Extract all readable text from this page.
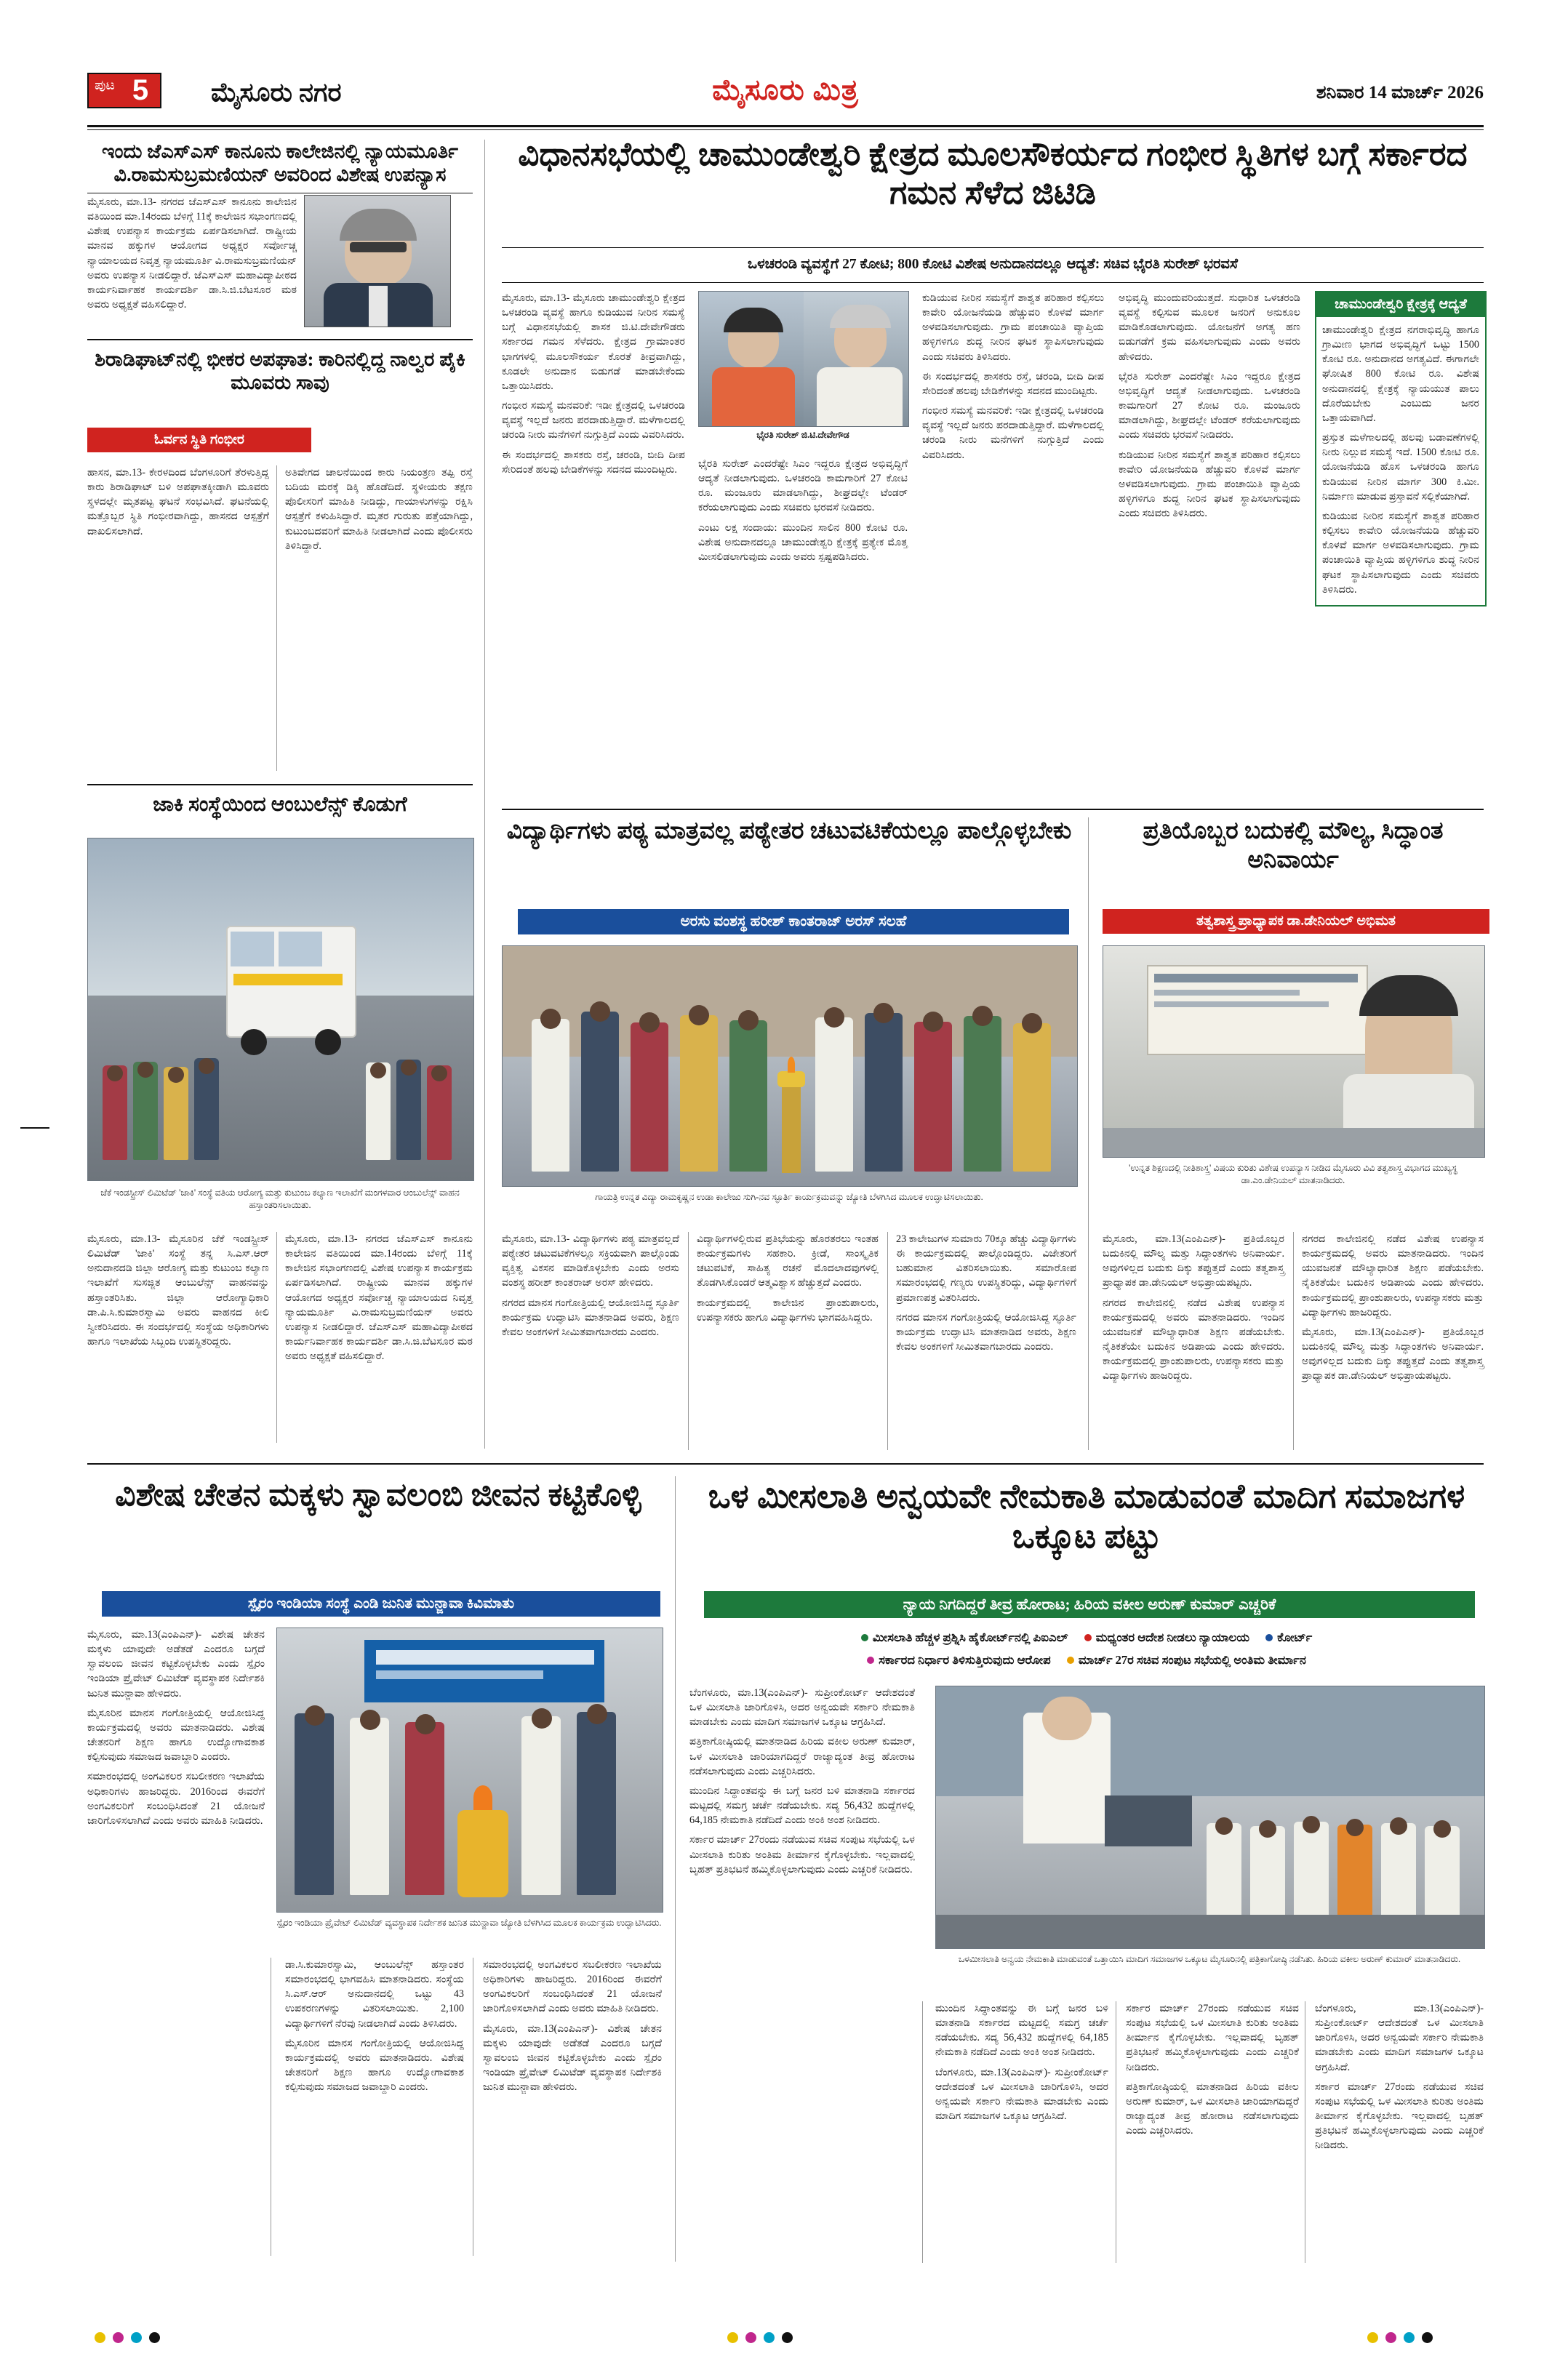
ಪುಟ 5	ಮೈಸೂರು ನಗರ	ಮೈಸೂರು ಮಿತ್ರ	ಶನಿವಾರ 14 ಮಾರ್ಚ್ 2026
ಇಂದು ಜೆಎಸ್‌ಎಸ್ ಕಾನೂನು ಕಾಲೇಜಿನಲ್ಲಿ ನ್ಯಾಯಮೂರ್ತಿ ವಿ.ರಾಮಸುಬ್ರಮಣಿಯನ್ ಅವರಿಂದ ವಿಶೇಷ ಉಪನ್ಯಾಸ

ಮೈಸೂರು, ಮಾ.13- ನಗರದ ಜೆಎಸ್‌ಎಸ್ ಕಾನೂನು ಕಾಲೇಜಿನ ವತಿಯಿಂದ ಮಾ.14ರಂದು ಬೆಳಿಗ್ಗೆ 11ಕ್ಕೆ ಕಾಲೇಜಿನ ಸಭಾಂಗಣದಲ್ಲಿ ವಿಶೇಷ ಉಪನ್ಯಾಸ ಕಾರ್ಯಕ್ರಮ ಏರ್ಪಡಿಸಲಾಗಿದೆ. ರಾಷ್ಟ್ರೀಯ ಮಾನವ ಹಕ್ಕುಗಳ ಆಯೋಗದ ಅಧ್ಯಕ್ಷರ ಸರ್ವೋಚ್ಚ ನ್ಯಾಯಾಲಯದ ನಿವೃತ್ತ ನ್ಯಾಯಮೂರ್ತಿ ವಿ.ರಾಮಸುಬ್ರಮಣಿಯನ್ ಅವರು ಉಪನ್ಯಾಸ ನೀಡಲಿದ್ದಾರೆ. ಜೆಎಸ್‌ಎಸ್ ಮಹಾವಿದ್ಯಾಪೀಠದ ಕಾರ್ಯನಿರ್ವಾಹಕ ಕಾರ್ಯದರ್ಶಿ ಡಾ.ಸಿ.ಜಿ.ಬೆಟಸೂರ ಮಠ ಅವರು ಅಧ್ಯಕ್ಷತೆ ವಹಿಸಲಿದ್ದಾರೆ.

ಶಿರಾಡಿಘಾಟ್‌ನಲ್ಲಿ ಭೀಕರ ಅಪಘಾತ: ಕಾರಿನಲ್ಲಿದ್ದ ನಾಲ್ವರ ಪೈಕಿ ಮೂವರು ಸಾವು
ಓರ್ವನ ಸ್ಥಿತಿ ಗಂಭೀರ

ಹಾಸನ, ಮಾ.13- ಕೇರಳದಿಂದ ಬೆಂಗಳೂರಿಗೆ ತೆರಳುತ್ತಿದ್ದ ಕಾರು ಶಿರಾಡಿಘಾಟ್ ಬಳಿ ಅಪಘಾತಕ್ಕೀಡಾಗಿ ಮೂವರು ಸ್ಥಳದಲ್ಲೇ ಮೃತಪಟ್ಟ ಘಟನೆ ಸಂಭವಿಸಿದೆ. ಘಟನೆಯಲ್ಲಿ ಮತ್ತೊಬ್ಬರ ಸ್ಥಿತಿ ಗಂಭೀರವಾಗಿದ್ದು, ಹಾಸನದ ಆಸ್ಪತ್ರೆಗೆ ದಾಖಲಿಸಲಾಗಿದೆ.

ಅತಿವೇಗದ ಚಾಲನೆಯಿಂದ ಕಾರು ನಿಯಂತ್ರಣ ತಪ್ಪಿ ರಸ್ತೆ ಬದಿಯ ಮರಕ್ಕೆ ಡಿಕ್ಕಿ ಹೊಡೆದಿದೆ. ಸ್ಥಳೀಯರು ತಕ್ಷಣ ಪೊಲೀಸರಿಗೆ ಮಾಹಿತಿ ನೀಡಿದ್ದು, ಗಾಯಾಳುಗಳನ್ನು ರಕ್ಷಿಸಿ ಆಸ್ಪತ್ರೆಗೆ ಕಳುಹಿಸಿದ್ದಾರೆ. ಮೃತರ ಗುರುತು ಪತ್ತೆಯಾಗಿದ್ದು, ಕುಟುಂಬದವರಿಗೆ ಮಾಹಿತಿ ನೀಡಲಾಗಿದೆ ಎಂದು ಪೊಲೀಸರು ತಿಳಿಸಿದ್ದಾರೆ.

ಜಾಕಿ ಸಂಸ್ಥೆಯಿಂದ ಆಂಬುಲೆನ್ಸ್ ಕೊಡುಗೆ
ಜೆಕೆ ಇಂಡಸ್ಟ್ರೀಸ್ ಲಿಮಿಟೆಡ್ 'ಜಾಕಿ' ಸಂಸ್ಥೆ ವತಿಯ ಆರೋಗ್ಯ ಮತ್ತು ಕುಟುಂಬ ಕಲ್ಯಾಣ ಇಲಾಖೆಗೆ ಮಂಗಳವಾರ ಆಂಬುಲೆನ್ಸ್ ವಾಹನ ಹಸ್ತಾಂತರಿಸಲಾಯಿತು.

ಮೈಸೂರು, ಮಾ.13- ಮೈಸೂರಿನ ಜೆಕೆ ಇಂಡಸ್ಟ್ರೀಸ್ ಲಿಮಿಟೆಡ್ 'ಜಾಕಿ' ಸಂಸ್ಥೆ ತನ್ನ ಸಿ.ಎಸ್.ಆರ್ ಅನುದಾನದಡಿ ಜಿಲ್ಲಾ ಆರೋಗ್ಯ ಮತ್ತು ಕುಟುಂಬ ಕಲ್ಯಾಣ ಇಲಾಖೆಗೆ ಸುಸಜ್ಜಿತ ಆಂಬುಲೆನ್ಸ್ ವಾಹನವನ್ನು ಹಸ್ತಾಂತರಿಸಿತು. ಜಿಲ್ಲಾ ಆರೋಗ್ಯಾಧಿಕಾರಿ ಡಾ.ಪಿ.ಸಿ.ಕುಮಾರಸ್ವಾಮಿ ಅವರು ವಾಹನದ ಕೀಲಿ ಸ್ವೀಕರಿಸಿದರು. ಈ ಸಂದರ್ಭದಲ್ಲಿ ಸಂಸ್ಥೆಯ ಅಧಿಕಾರಿಗಳು ಹಾಗೂ ಇಲಾಖೆಯ ಸಿಬ್ಬಂದಿ ಉಪಸ್ಥಿತರಿದ್ದರು.

ಮೈಸೂರು, ಮಾ.13- ನಗರದ ಜೆಎಸ್‌ಎಸ್ ಕಾನೂನು ಕಾಲೇಜಿನ ವತಿಯಿಂದ ಮಾ.14ರಂದು ಬೆಳಿಗ್ಗೆ 11ಕ್ಕೆ ಕಾಲೇಜಿನ ಸಭಾಂಗಣದಲ್ಲಿ ವಿಶೇಷ ಉಪನ್ಯಾಸ ಕಾರ್ಯಕ್ರಮ ಏರ್ಪಡಿಸಲಾಗಿದೆ. ರಾಷ್ಟ್ರೀಯ ಮಾನವ ಹಕ್ಕುಗಳ ಆಯೋಗದ ಅಧ್ಯಕ್ಷರ ಸರ್ವೋಚ್ಚ ನ್ಯಾಯಾಲಯದ ನಿವೃತ್ತ ನ್ಯಾಯಮೂರ್ತಿ ವಿ.ರಾಮಸುಬ್ರಮಣಿಯನ್ ಅವರು ಉಪನ್ಯಾಸ ನೀಡಲಿದ್ದಾರೆ. ಜೆಎಸ್‌ಎಸ್ ಮಹಾವಿದ್ಯಾಪೀಠದ ಕಾರ್ಯನಿರ್ವಾಹಕ ಕಾರ್ಯದರ್ಶಿ ಡಾ.ಸಿ.ಜಿ.ಬೆಟಸೂರ ಮಠ ಅವರು ಅಧ್ಯಕ್ಷತೆ ವಹಿಸಲಿದ್ದಾರೆ.

ವಿಧಾನಸಭೆಯಲ್ಲಿ ಚಾಮುಂಡೇಶ್ವರಿ ಕ್ಷೇತ್ರದ ಮೂಲಸೌಕರ್ಯದ ಗಂಭೀರ ಸ್ಥಿತಿಗಳ ಬಗ್ಗೆ ಸರ್ಕಾರದ ಗಮನ ಸೆಳೆದ ಜಿಟಿಡಿ
ಒಳಚರಂಡಿ ವ್ಯವಸ್ಥೆಗೆ 27 ಕೋಟಿ; 800 ಕೋಟಿ ವಿಶೇಷ ಅನುದಾನದಲ್ಲೂ ಆದ್ಯತೆ: ಸಚಿವ ಭೈರತಿ ಸುರೇಶ್ ಭರವಸೆ
ಭೈರತಿ ಸುರೇಶ್ ಜಿ.ಟಿ.ದೇವೇಗೌಡ

ಮೈಸೂರು, ಮಾ.13- ಮೈಸೂರು ಚಾಮುಂಡೇಶ್ವರಿ ಕ್ಷೇತ್ರದ ಒಳಚರಂಡಿ ವ್ಯವಸ್ಥೆ ಹಾಗೂ ಕುಡಿಯುವ ನೀರಿನ ಸಮಸ್ಯೆ ಬಗ್ಗೆ ವಿಧಾನಸಭೆಯಲ್ಲಿ ಶಾಸಕ ಜಿ.ಟಿ.ದೇವೇಗೌಡರು ಸರ್ಕಾರದ ಗಮನ ಸೆಳೆದರು. ಕ್ಷೇತ್ರದ ಗ್ರಾಮಾಂತರ ಭಾಗಗಳಲ್ಲಿ ಮೂಲಸೌಕರ್ಯ ಕೊರತೆ ತೀವ್ರವಾಗಿದ್ದು, ಕೂಡಲೇ ಅನುದಾನ ಬಿಡುಗಡೆ ಮಾಡಬೇಕೆಂದು ಒತ್ತಾಯಿಸಿದರು.

ಗಂಭೀರ ಸಮಸ್ಯೆ ಮನವರಿಕೆ: ಇಡೀ ಕ್ಷೇತ್ರದಲ್ಲಿ ಒಳಚರಂಡಿ ವ್ಯವಸ್ಥೆ ಇಲ್ಲದೆ ಜನರು ಪರದಾಡುತ್ತಿದ್ದಾರೆ. ಮಳೆಗಾಲದಲ್ಲಿ ಚರಂಡಿ ನೀರು ಮನೆಗಳಿಗೆ ನುಗ್ಗುತ್ತಿದೆ ಎಂದು ವಿವರಿಸಿದರು.

ಈ ಸಂದರ್ಭದಲ್ಲಿ ಶಾಸಕರು ರಸ್ತೆ, ಚರಂಡಿ, ಬೀದಿ ದೀಪ ಸೇರಿದಂತೆ ಹಲವು ಬೇಡಿಕೆಗಳನ್ನು ಸದನದ ಮುಂದಿಟ್ಟರು.	ಭೈರತಿ ಸುರೇಶ್ ಎಂದರೆಷ್ಟೇ ಸಿಎಂ ಇದ್ದರೂ ಕ್ಷೇತ್ರದ ಅಭಿವೃದ್ಧಿಗೆ ಆದ್ಯತೆ ನೀಡಲಾಗುವುದು. ಒಳಚರಂಡಿ ಕಾಮಗಾರಿಗೆ 27 ಕೋಟಿ ರೂ. ಮಂಜೂರು ಮಾಡಲಾಗಿದ್ದು, ಶೀಘ್ರದಲ್ಲೇ ಟೆಂಡರ್ ಕರೆಯಲಾಗುವುದು ಎಂದು ಸಚಿವರು ಭರವಸೆ ನೀಡಿದರು.

ಎಂಟು ಲಕ್ಷ ಸಂದಾಯ: ಮುಂದಿನ ಸಾಲಿನ 800 ಕೋಟಿ ರೂ. ವಿಶೇಷ ಅನುದಾನದಲ್ಲೂ ಚಾಮುಂಡೇಶ್ವರಿ ಕ್ಷೇತ್ರಕ್ಕೆ ಪ್ರತ್ಯೇಕ ಮೊತ್ತ ಮೀಸಲಿಡಲಾಗುವುದು ಎಂದು ಅವರು ಸ್ಪಷ್ಟಪಡಿಸಿದರು.

ಕುಡಿಯುವ ನೀರಿನ ಸಮಸ್ಯೆಗೆ ಶಾಶ್ವತ ಪರಿಹಾರ ಕಲ್ಪಿಸಲು ಕಾವೇರಿ ಯೋಜನೆಯಡಿ ಹೆಚ್ಚುವರಿ ಕೊಳವೆ ಮಾರ್ಗ ಅಳವಡಿಸಲಾಗುವುದು. ಗ್ರಾಮ ಪಂಚಾಯಿತಿ ವ್ಯಾಪ್ತಿಯ ಹಳ್ಳಿಗಳಿಗೂ ಶುದ್ಧ ನೀರಿನ ಘಟಕ ಸ್ಥಾಪಿಸಲಾಗುವುದು ಎಂದು ಸಚಿವರು ತಿಳಿಸಿದರು.

ಈ ಸಂದರ್ಭದಲ್ಲಿ ಶಾಸಕರು ರಸ್ತೆ, ಚರಂಡಿ, ಬೀದಿ ದೀಪ ಸೇರಿದಂತೆ ಹಲವು ಬೇಡಿಕೆಗಳನ್ನು ಸದನದ ಮುಂದಿಟ್ಟರು.

ಗಂಭೀರ ಸಮಸ್ಯೆ ಮನವರಿಕೆ: ಇಡೀ ಕ್ಷೇತ್ರದಲ್ಲಿ ಒಳಚರಂಡಿ ವ್ಯವಸ್ಥೆ ಇಲ್ಲದೆ ಜನರು ಪರದಾಡುತ್ತಿದ್ದಾರೆ. ಮಳೆಗಾಲದಲ್ಲಿ ಚರಂಡಿ ನೀರು ಮನೆಗಳಿಗೆ ನುಗ್ಗುತ್ತಿದೆ ಎಂದು ವಿವರಿಸಿದರು.

ಅಭಿವೃದ್ಧಿ ಮುಂದುವರಿಯುತ್ತದೆ. ಸುಧಾರಿತ ಒಳಚರಂಡಿ ವ್ಯವಸ್ಥೆ ಕಲ್ಪಿಸುವ ಮೂಲಕ ಜನರಿಗೆ ಅನುಕೂಲ ಮಾಡಿಕೊಡಲಾಗುವುದು. ಯೋಜನೆಗೆ ಅಗತ್ಯ ಹಣ ಬಿಡುಗಡೆಗೆ ಕ್ರಮ ವಹಿಸಲಾಗುವುದು ಎಂದು ಅವರು ಹೇಳಿದರು.

ಭೈರತಿ ಸುರೇಶ್ ಎಂದರೆಷ್ಟೇ ಸಿಎಂ ಇದ್ದರೂ ಕ್ಷೇತ್ರದ ಅಭಿವೃದ್ಧಿಗೆ ಆದ್ಯತೆ ನೀಡಲಾಗುವುದು. ಒಳಚರಂಡಿ ಕಾಮಗಾರಿಗೆ 27 ಕೋಟಿ ರೂ. ಮಂಜೂರು ಮಾಡಲಾಗಿದ್ದು, ಶೀಘ್ರದಲ್ಲೇ ಟೆಂಡರ್ ಕರೆಯಲಾಗುವುದು ಎಂದು ಸಚಿವರು ಭರವಸೆ ನೀಡಿದರು.

ಕುಡಿಯುವ ನೀರಿನ ಸಮಸ್ಯೆಗೆ ಶಾಶ್ವತ ಪರಿಹಾರ ಕಲ್ಪಿಸಲು ಕಾವೇರಿ ಯೋಜನೆಯಡಿ ಹೆಚ್ಚುವರಿ ಕೊಳವೆ ಮಾರ್ಗ ಅಳವಡಿಸಲಾಗುವುದು. ಗ್ರಾಮ ಪಂಚಾಯಿತಿ ವ್ಯಾಪ್ತಿಯ ಹಳ್ಳಿಗಳಿಗೂ ಶುದ್ಧ ನೀರಿನ ಘಟಕ ಸ್ಥಾಪಿಸಲಾಗುವುದು ಎಂದು ಸಚಿವರು ತಿಳಿಸಿದರು.

ಚಾಮುಂಡೇಶ್ವರಿ ಕ್ಷೇತ್ರಕ್ಕೆ ಆದ್ಯತೆ

ಚಾಮುಂಡೇಶ್ವರಿ ಕ್ಷೇತ್ರದ ನಗರಾಭಿವೃದ್ಧಿ ಹಾಗೂ ಗ್ರಾಮೀಣ ಭಾಗದ ಅಭಿವೃದ್ಧಿಗೆ ಒಟ್ಟು 1500 ಕೋಟಿ ರೂ. ಅನುದಾನದ ಅಗತ್ಯವಿದೆ. ಈಗಾಗಲೇ ಘೋಷಿತ 800 ಕೋಟಿ ರೂ. ವಿಶೇಷ ಅನುದಾನದಲ್ಲಿ ಕ್ಷೇತ್ರಕ್ಕೆ ನ್ಯಾಯಯುತ ಪಾಲು ದೊರೆಯಬೇಕು ಎಂಬುದು ಜನರ ಒತ್ತಾಯವಾಗಿದೆ.

ಪ್ರಸ್ತುತ ಮಳೆಗಾಲದಲ್ಲಿ ಹಲವು ಬಡಾವಣೆಗಳಲ್ಲಿ ನೀರು ನಿಲ್ಲುವ ಸಮಸ್ಯೆ ಇದೆ. 1500 ಕೋಟಿ ರೂ. ಯೋಜನೆಯಡಿ ಹೊಸ ಒಳಚರಂಡಿ ಹಾಗೂ ಕುಡಿಯುವ ನೀರಿನ ಮಾರ್ಗ 300 ಕಿ.ಮೀ. ನಿರ್ಮಾಣ ಮಾಡುವ ಪ್ರಸ್ತಾವನೆ ಸಲ್ಲಿಕೆಯಾಗಿದೆ.

ಕುಡಿಯುವ ನೀರಿನ ಸಮಸ್ಯೆಗೆ ಶಾಶ್ವತ ಪರಿಹಾರ ಕಲ್ಪಿಸಲು ಕಾವೇರಿ ಯೋಜನೆಯಡಿ ಹೆಚ್ಚುವರಿ ಕೊಳವೆ ಮಾರ್ಗ ಅಳವಡಿಸಲಾಗುವುದು. ಗ್ರಾಮ ಪಂಚಾಯಿತಿ ವ್ಯಾಪ್ತಿಯ ಹಳ್ಳಿಗಳಿಗೂ ಶುದ್ಧ ನೀರಿನ ಘಟಕ ಸ್ಥಾಪಿಸಲಾಗುವುದು ಎಂದು ಸಚಿವರು ತಿಳಿಸಿದರು.

ವಿದ್ಯಾರ್ಥಿಗಳು ಪಠ್ಯ ಮಾತ್ರವಲ್ಲ ಪಠ್ಯೇತರ ಚಟುವಟಿಕೆಯಲ್ಲೂ ಪಾಲ್ಗೊಳ್ಳಬೇಕು
ಅರಸು ವಂಶಸ್ಥ ಹರೀಶ್ ಕಾಂತರಾಜ್ ಅರಸ್ ಸಲಹೆ
ಗಾಯತ್ರಿ ಉನ್ನತ ವಿದ್ಯಾ ರಾಮಕೃಷ್ಣನ ಉಡಾ ಕಾಲೇಜು ಸುಗಿ-ನವ ಸ್ಫೂರ್ತಿ ಕಾರ್ಯಕ್ರಮವನ್ನು ಜ್ಯೋತಿ ಬೆಳಗಿಸಿದ ಮೂಲಕ ಉದ್ಘಾಟಿಸಲಾಯಿತು.

ಮೈಸೂರು, ಮಾ.13- ವಿದ್ಯಾರ್ಥಿಗಳು ಪಠ್ಯ ಮಾತ್ರವಲ್ಲದೆ ಪಠ್ಯೇತರ ಚಟುವಟಿಕೆಗಳಲ್ಲೂ ಸಕ್ರಿಯವಾಗಿ ಪಾಲ್ಗೊಂಡು ವ್ಯಕ್ತಿತ್ವ ವಿಕಸನ ಮಾಡಿಕೊಳ್ಳಬೇಕು ಎಂದು ಅರಸು ವಂಶಸ್ಥ ಹರೀಶ್ ಕಾಂತರಾಜ್ ಅರಸ್ ಹೇಳಿದರು.

ನಗರದ ಮಾನಸ ಗಂಗೋತ್ರಿಯಲ್ಲಿ ಆಯೋಜಿಸಿದ್ದ ಸ್ಫೂರ್ತಿ ಕಾರ್ಯಕ್ರಮ ಉದ್ಘಾಟಿಸಿ ಮಾತನಾಡಿದ ಅವರು, ಶಿಕ್ಷಣ ಕೇವಲ ಅಂಕಗಳಿಗೆ ಸೀಮಿತವಾಗಬಾರದು ಎಂದರು.

ವಿದ್ಯಾರ್ಥಿಗಳಲ್ಲಿರುವ ಪ್ರತಿಭೆಯನ್ನು ಹೊರತರಲು ಇಂತಹ ಕಾರ್ಯಕ್ರಮಗಳು ಸಹಕಾರಿ. ಕ್ರೀಡೆ, ಸಾಂಸ್ಕೃತಿಕ ಚಟುವಟಿಕೆ, ಸಾಹಿತ್ಯ ರಚನೆ ಮೊದಲಾದವುಗಳಲ್ಲಿ ತೊಡಗಿಸಿಕೊಂಡರೆ ಆತ್ಮವಿಶ್ವಾಸ ಹೆಚ್ಚುತ್ತದೆ ಎಂದರು.

ಕಾರ್ಯಕ್ರಮದಲ್ಲಿ ಕಾಲೇಜಿನ ಪ್ರಾಂಶುಪಾಲರು, ಉಪನ್ಯಾಸಕರು ಹಾಗೂ ವಿದ್ಯಾರ್ಥಿಗಳು ಭಾಗವಹಿಸಿದ್ದರು.

23 ಕಾಲೇಜುಗಳ ಸುಮಾರು 70ಕ್ಕೂ ಹೆಚ್ಚು ವಿದ್ಯಾರ್ಥಿಗಳು ಈ ಕಾರ್ಯಕ್ರಮದಲ್ಲಿ ಪಾಲ್ಗೊಂಡಿದ್ದರು. ವಿಜೇತರಿಗೆ ಬಹುಮಾನ ವಿತರಿಸಲಾಯಿತು. ಸಮಾರೋಪ ಸಮಾರಂಭದಲ್ಲಿ ಗಣ್ಯರು ಉಪಸ್ಥಿತರಿದ್ದು, ವಿದ್ಯಾರ್ಥಿಗಳಿಗೆ ಪ್ರಮಾಣಪತ್ರ ವಿತರಿಸಿದರು.

ನಗರದ ಮಾನಸ ಗಂಗೋತ್ರಿಯಲ್ಲಿ ಆಯೋಜಿಸಿದ್ದ ಸ್ಫೂರ್ತಿ ಕಾರ್ಯಕ್ರಮ ಉದ್ಘಾಟಿಸಿ ಮಾತನಾಡಿದ ಅವರು, ಶಿಕ್ಷಣ ಕೇವಲ ಅಂಕಗಳಿಗೆ ಸೀಮಿತವಾಗಬಾರದು ಎಂದರು.

ಪ್ರತಿಯೊಬ್ಬರ ಬದುಕಲ್ಲಿ ಮೌಲ್ಯ, ಸಿದ್ಧಾಂತ ಅನಿವಾರ್ಯ
ತತ್ವಶಾಸ್ತ್ರ ಪ್ರಾಧ್ಯಾಪಕ ಡಾ.ಡೇನಿಯಲ್ ಅಭಿಮತ
'ಉನ್ನತ ಶಿಕ್ಷಣದಲ್ಲಿ ನೀತಿಶಾಸ್ತ್ರ' ವಿಷಯ ಕುರಿತು ವಿಶೇಷ ಉಪನ್ಯಾಸ ನೀಡಿದ ಮೈಸೂರು ವಿವಿ ತತ್ವಶಾಸ್ತ್ರ ವಿಭಾಗದ ಮುಖ್ಯಸ್ಥ ಡಾ.ಎಂ.ಡೇನಿಯಲ್ ಮಾತನಾಡಿದರು.

ಮೈಸೂರು, ಮಾ.13(ಎಂಪಿಎನ್)- ಪ್ರತಿಯೊಬ್ಬರ ಬದುಕಿನಲ್ಲಿ ಮೌಲ್ಯ ಮತ್ತು ಸಿದ್ಧಾಂತಗಳು ಅನಿವಾರ್ಯ. ಅವುಗಳಿಲ್ಲದ ಬದುಕು ದಿಕ್ಕು ತಪ್ಪುತ್ತದೆ ಎಂದು ತತ್ವಶಾಸ್ತ್ರ ಪ್ರಾಧ್ಯಾಪಕ ಡಾ.ಡೇನಿಯಲ್ ಅಭಿಪ್ರಾಯಪಟ್ಟರು.

ನಗರದ ಕಾಲೇಜಿನಲ್ಲಿ ನಡೆದ ವಿಶೇಷ ಉಪನ್ಯಾಸ ಕಾರ್ಯಕ್ರಮದಲ್ಲಿ ಅವರು ಮಾತನಾಡಿದರು. ಇಂದಿನ ಯುವಜನತೆ ಮೌಲ್ಯಾಧಾರಿತ ಶಿಕ್ಷಣ ಪಡೆಯಬೇಕು. ನೈತಿಕತೆಯೇ ಬದುಕಿನ ಅಡಿಪಾಯ ಎಂದು ಹೇಳಿದರು. ಕಾರ್ಯಕ್ರಮದಲ್ಲಿ ಪ್ರಾಂಶುಪಾಲರು, ಉಪನ್ಯಾಸಕರು ಮತ್ತು ವಿದ್ಯಾರ್ಥಿಗಳು ಹಾಜರಿದ್ದರು.

ನಗರದ ಕಾಲೇಜಿನಲ್ಲಿ ನಡೆದ ವಿಶೇಷ ಉಪನ್ಯಾಸ ಕಾರ್ಯಕ್ರಮದಲ್ಲಿ ಅವರು ಮಾತನಾಡಿದರು. ಇಂದಿನ ಯುವಜನತೆ ಮೌಲ್ಯಾಧಾರಿತ ಶಿಕ್ಷಣ ಪಡೆಯಬೇಕು. ನೈತಿಕತೆಯೇ ಬದುಕಿನ ಅಡಿಪಾಯ ಎಂದು ಹೇಳಿದರು. ಕಾರ್ಯಕ್ರಮದಲ್ಲಿ ಪ್ರಾಂಶುಪಾಲರು, ಉಪನ್ಯಾಸಕರು ಮತ್ತು ವಿದ್ಯಾರ್ಥಿಗಳು ಹಾಜರಿದ್ದರು.

ಮೈಸೂರು, ಮಾ.13(ಎಂಪಿಎನ್)- ಪ್ರತಿಯೊಬ್ಬರ ಬದುಕಿನಲ್ಲಿ ಮೌಲ್ಯ ಮತ್ತು ಸಿದ್ಧಾಂತಗಳು ಅನಿವಾರ್ಯ. ಅವುಗಳಿಲ್ಲದ ಬದುಕು ದಿಕ್ಕು ತಪ್ಪುತ್ತದೆ ಎಂದು ತತ್ವಶಾಸ್ತ್ರ ಪ್ರಾಧ್ಯಾಪಕ ಡಾ.ಡೇನಿಯಲ್ ಅಭಿಪ್ರಾಯಪಟ್ಟರು.

ವಿಶೇಷ ಚೇತನ ಮಕ್ಕಳು ಸ್ವಾವಲಂಬಿ ಜೀವನ ಕಟ್ಟಿಕೊಳ್ಳಿ
ಸ್ಪೈರಂ ಇಂಡಿಯಾ ಸಂಸ್ಥೆ ಎಂಡಿ ಜುನಿತ ಮುನ್ಜಾವಾ ಕಿವಿಮಾತು
ಸ್ಪೈರಂ ಇಂಡಿಯಾ ಪ್ರೈವೇಟ್ ಲಿಮಿಟೆಡ್ ವ್ಯವಸ್ಥಾಪಕ ನಿರ್ದೇಶಕ ಜುನಿತ ಮುನ್ಜಾವಾ ಜ್ಯೋತಿ ಬೆಳಗಿಸಿದ ಮೂಲಕ ಕಾರ್ಯಕ್ರಮ ಉದ್ಘಾಟಿಸಿದರು.

ಮೈಸೂರು, ಮಾ.13(ಎಂಪಿಎನ್)- ವಿಶೇಷ ಚೇತನ ಮಕ್ಕಳು ಯಾವುದೇ ಅಡೆತಡೆ ಎಂದರೂ ಬಗ್ಗದೆ ಸ್ವಾವಲಂಬಿ ಜೀವನ ಕಟ್ಟಿಕೊಳ್ಳಬೇಕು ಎಂದು ಸ್ಪೈರಂ ಇಂಡಿಯಾ ಪ್ರೈವೇಟ್ ಲಿಮಿಟೆಡ್ ವ್ಯವಸ್ಥಾಪಕ ನಿರ್ದೇಶಕಿ ಜುನಿತ ಮುನ್ಜಾವಾ ಹೇಳಿದರು.

ಮೈಸೂರಿನ ಮಾನಸ ಗಂಗೋತ್ರಿಯಲ್ಲಿ ಆಯೋಜಿಸಿದ್ದ ಕಾರ್ಯಕ್ರಮದಲ್ಲಿ ಅವರು ಮಾತನಾಡಿದರು. ವಿಶೇಷ ಚೇತನರಿಗೆ ಶಿಕ್ಷಣ ಹಾಗೂ ಉದ್ಯೋಗಾವಕಾಶ ಕಲ್ಪಿಸುವುದು ಸಮಾಜದ ಜವಾಬ್ದಾರಿ ಎಂದರು.

ಸಮಾರಂಭದಲ್ಲಿ ಅಂಗವಿಕಲರ ಸಬಲೀಕರಣ ಇಲಾಖೆಯ ಅಧಿಕಾರಿಗಳು ಹಾಜರಿದ್ದರು. 2016ರಿಂದ ಈವರೆಗೆ ಅಂಗವಿಕಲರಿಗೆ ಸಂಬಂಧಿಸಿದಂತೆ 21 ಯೋಜನೆ ಜಾರಿಗೊಳಿಸಲಾಗಿದೆ ಎಂದು ಅವರು ಮಾಹಿತಿ ನೀಡಿದರು.

ಡಾ.ಸಿ.ಕುಮಾರಸ್ವಾಮಿ, ಆಂಬುಲೆನ್ಸ್ ಹಸ್ತಾಂತರ ಸಮಾರಂಭದಲ್ಲಿ ಭಾಗವಹಿಸಿ ಮಾತನಾಡಿದರು. ಸಂಸ್ಥೆಯ ಸಿ.ಎಸ್.ಆರ್ ಅನುದಾನದಲ್ಲಿ ಒಟ್ಟು 43 ಉಪಕರಣಗಳನ್ನು ವಿತರಿಸಲಾಯಿತು. 2,100 ವಿದ್ಯಾರ್ಥಿಗಳಿಗೆ ನೆರವು ನೀಡಲಾಗಿದೆ ಎಂದು ತಿಳಿಸಿದರು.

ಮೈಸೂರಿನ ಮಾನಸ ಗಂಗೋತ್ರಿಯಲ್ಲಿ ಆಯೋಜಿಸಿದ್ದ ಕಾರ್ಯಕ್ರಮದಲ್ಲಿ ಅವರು ಮಾತನಾಡಿದರು. ವಿಶೇಷ ಚೇತನರಿಗೆ ಶಿಕ್ಷಣ ಹಾಗೂ ಉದ್ಯೋಗಾವಕಾಶ ಕಲ್ಪಿಸುವುದು ಸಮಾಜದ ಜವಾಬ್ದಾರಿ ಎಂದರು.

ಸಮಾರಂಭದಲ್ಲಿ ಅಂಗವಿಕಲರ ಸಬಲೀಕರಣ ಇಲಾಖೆಯ ಅಧಿಕಾರಿಗಳು ಹಾಜರಿದ್ದರು. 2016ರಿಂದ ಈವರೆಗೆ ಅಂಗವಿಕಲರಿಗೆ ಸಂಬಂಧಿಸಿದಂತೆ 21 ಯೋಜನೆ ಜಾರಿಗೊಳಿಸಲಾಗಿದೆ ಎಂದು ಅವರು ಮಾಹಿತಿ ನೀಡಿದರು.

ಮೈಸೂರು, ಮಾ.13(ಎಂಪಿಎನ್)- ವಿಶೇಷ ಚೇತನ ಮಕ್ಕಳು ಯಾವುದೇ ಅಡೆತಡೆ ಎಂದರೂ ಬಗ್ಗದೆ ಸ್ವಾವಲಂಬಿ ಜೀವನ ಕಟ್ಟಿಕೊಳ್ಳಬೇಕು ಎಂದು ಸ್ಪೈರಂ ಇಂಡಿಯಾ ಪ್ರೈವೇಟ್ ಲಿಮಿಟೆಡ್ ವ್ಯವಸ್ಥಾಪಕ ನಿರ್ದೇಶಕಿ ಜುನಿತ ಮುನ್ಜಾವಾ ಹೇಳಿದರು.

ಒಳ ಮೀಸಲಾತಿ ಅನ್ವಯವೇ ನೇಮಕಾತಿ ಮಾಡುವಂತೆ ಮಾದಿಗ ಸಮಾಜಗಳ ಒಕ್ಕೂಟ ಪಟ್ಟು
ನ್ಯಾಯ ನಿಗದಿದ್ದರೆ ತೀವ್ರ ಹೋರಾಟ; ಹಿರಿಯ ವಕೀಲ ಅರುಣ್ ಕುಮಾರ್ ಎಚ್ಚರಿಕೆ
ಮೀಸಲಾತಿ ಹೆಚ್ಚಳ ಪ್ರಶ್ನಿಸಿ ಹೈಕೋರ್ಟ್‌ನಲ್ಲಿ ಪಿಐಎಲ್ ಮಧ್ಯಂತರ ಆದೇಶ ನೀಡಲು ನ್ಯಾಯಾಲಯ ಕೋರ್ಟ್
ಸರ್ಕಾರದ ನಿರ್ಧಾರ ತಿಳಿಸುತ್ತಿರುವುದು ಆರೋಪ ಮಾರ್ಚ್ 27ರ ಸಚಿವ ಸಂಪುಟ ಸಭೆಯಲ್ಲಿ ಅಂತಿಮ ತೀರ್ಮಾನ
ಒಳಮೀಸಲಾತಿ ಅನ್ವಯ ನೇಮಕಾತಿ ಮಾಡುವಂತೆ ಒತ್ತಾಯಿಸಿ ಮಾದಿಗ ಸಮಾಜಗಳ ಒಕ್ಕೂಟ ಮೈಸೂರಿನಲ್ಲಿ ಪತ್ರಿಕಾಗೋಷ್ಠಿ ನಡೆಸಿತು. ಹಿರಿಯ ವಕೀಲ ಅರುಣ್ ಕುಮಾರ್ ಮಾತನಾಡಿದರು.

ಬೆಂಗಳೂರು, ಮಾ.13(ಎಂಪಿಎನ್)- ಸುಪ್ರೀಂಕೋರ್ಟ್ ಆದೇಶದಂತೆ ಒಳ ಮೀಸಲಾತಿ ಜಾರಿಗೊಳಿಸಿ, ಅದರ ಅನ್ವಯವೇ ಸರ್ಕಾರಿ ನೇಮಕಾತಿ ಮಾಡಬೇಕು ಎಂದು ಮಾದಿಗ ಸಮಾಜಗಳ ಒಕ್ಕೂಟ ಆಗ್ರಹಿಸಿದೆ.

ಪತ್ರಿಕಾಗೋಷ್ಠಿಯಲ್ಲಿ ಮಾತನಾಡಿದ ಹಿರಿಯ ವಕೀಲ ಅರುಣ್ ಕುಮಾರ್, ಒಳ ಮೀಸಲಾತಿ ಜಾರಿಯಾಗದಿದ್ದರೆ ರಾಜ್ಯಾದ್ಯಂತ ತೀವ್ರ ಹೋರಾಟ ನಡೆಸಲಾಗುವುದು ಎಂದು ಎಚ್ಚರಿಸಿದರು.

ಮುಂದಿನ ಸಿದ್ಧಾಂತವನ್ನು ಈ ಬಗ್ಗೆ ಜನರ ಬಳಿ ಮಾತನಾಡಿ ಸರ್ಕಾರದ ಮಟ್ಟದಲ್ಲಿ ಸಮಗ್ರ ಚರ್ಚೆ ನಡೆಯಬೇಕು. ಸದ್ಯ 56,432 ಹುದ್ದೆಗಳಲ್ಲಿ 64,185 ನೇಮಕಾತಿ ನಡೆದಿದೆ ಎಂದು ಅಂಕಿ ಅಂಶ ನೀಡಿದರು.

ಸರ್ಕಾರ ಮಾರ್ಚ್ 27ರಂದು ನಡೆಯುವ ಸಚಿವ ಸಂಪುಟ ಸಭೆಯಲ್ಲಿ ಒಳ ಮೀಸಲಾತಿ ಕುರಿತು ಅಂತಿಮ ತೀರ್ಮಾನ ಕೈಗೊಳ್ಳಬೇಕು. ಇಲ್ಲವಾದಲ್ಲಿ ಬೃಹತ್ ಪ್ರತಿಭಟನೆ ಹಮ್ಮಿಕೊಳ್ಳಲಾಗುವುದು ಎಂದು ಎಚ್ಚರಿಕೆ ನೀಡಿದರು.

ಮುಂದಿನ ಸಿದ್ಧಾಂತವನ್ನು ಈ ಬಗ್ಗೆ ಜನರ ಬಳಿ ಮಾತನಾಡಿ ಸರ್ಕಾರದ ಮಟ್ಟದಲ್ಲಿ ಸಮಗ್ರ ಚರ್ಚೆ ನಡೆಯಬೇಕು. ಸದ್ಯ 56,432 ಹುದ್ದೆಗಳಲ್ಲಿ 64,185 ನೇಮಕಾತಿ ನಡೆದಿದೆ ಎಂದು ಅಂಕಿ ಅಂಶ ನೀಡಿದರು.

ಬೆಂಗಳೂರು, ಮಾ.13(ಎಂಪಿಎನ್)- ಸುಪ್ರೀಂಕೋರ್ಟ್ ಆದೇಶದಂತೆ ಒಳ ಮೀಸಲಾತಿ ಜಾರಿಗೊಳಿಸಿ, ಅದರ ಅನ್ವಯವೇ ಸರ್ಕಾರಿ ನೇಮಕಾತಿ ಮಾಡಬೇಕು ಎಂದು ಮಾದಿಗ ಸಮಾಜಗಳ ಒಕ್ಕೂಟ ಆಗ್ರಹಿಸಿದೆ.

ಸರ್ಕಾರ ಮಾರ್ಚ್ 27ರಂದು ನಡೆಯುವ ಸಚಿವ ಸಂಪುಟ ಸಭೆಯಲ್ಲಿ ಒಳ ಮೀಸಲಾತಿ ಕುರಿತು ಅಂತಿಮ ತೀರ್ಮಾನ ಕೈಗೊಳ್ಳಬೇಕು. ಇಲ್ಲವಾದಲ್ಲಿ ಬೃಹತ್ ಪ್ರತಿಭಟನೆ ಹಮ್ಮಿಕೊಳ್ಳಲಾಗುವುದು ಎಂದು ಎಚ್ಚರಿಕೆ ನೀಡಿದರು.

ಪತ್ರಿಕಾಗೋಷ್ಠಿಯಲ್ಲಿ ಮಾತನಾಡಿದ ಹಿರಿಯ ವಕೀಲ ಅರುಣ್ ಕುಮಾರ್, ಒಳ ಮೀಸಲಾತಿ ಜಾರಿಯಾಗದಿದ್ದರೆ ರಾಜ್ಯಾದ್ಯಂತ ತೀವ್ರ ಹೋರಾಟ ನಡೆಸಲಾಗುವುದು ಎಂದು ಎಚ್ಚರಿಸಿದರು.

ಬೆಂಗಳೂರು, ಮಾ.13(ಎಂಪಿಎನ್)- ಸುಪ್ರೀಂಕೋರ್ಟ್ ಆದೇಶದಂತೆ ಒಳ ಮೀಸಲಾತಿ ಜಾರಿಗೊಳಿಸಿ, ಅದರ ಅನ್ವಯವೇ ಸರ್ಕಾರಿ ನೇಮಕಾತಿ ಮಾಡಬೇಕು ಎಂದು ಮಾದಿಗ ಸಮಾಜಗಳ ಒಕ್ಕೂಟ ಆಗ್ರಹಿಸಿದೆ.

ಸರ್ಕಾರ ಮಾರ್ಚ್ 27ರಂದು ನಡೆಯುವ ಸಚಿವ ಸಂಪುಟ ಸಭೆಯಲ್ಲಿ ಒಳ ಮೀಸಲಾತಿ ಕುರಿತು ಅಂತಿಮ ತೀರ್ಮಾನ ಕೈಗೊಳ್ಳಬೇಕು. ಇಲ್ಲವಾದಲ್ಲಿ ಬೃಹತ್ ಪ್ರತಿಭಟನೆ ಹಮ್ಮಿಕೊಳ್ಳಲಾಗುವುದು ಎಂದು ಎಚ್ಚರಿಕೆ ನೀಡಿದರು.
